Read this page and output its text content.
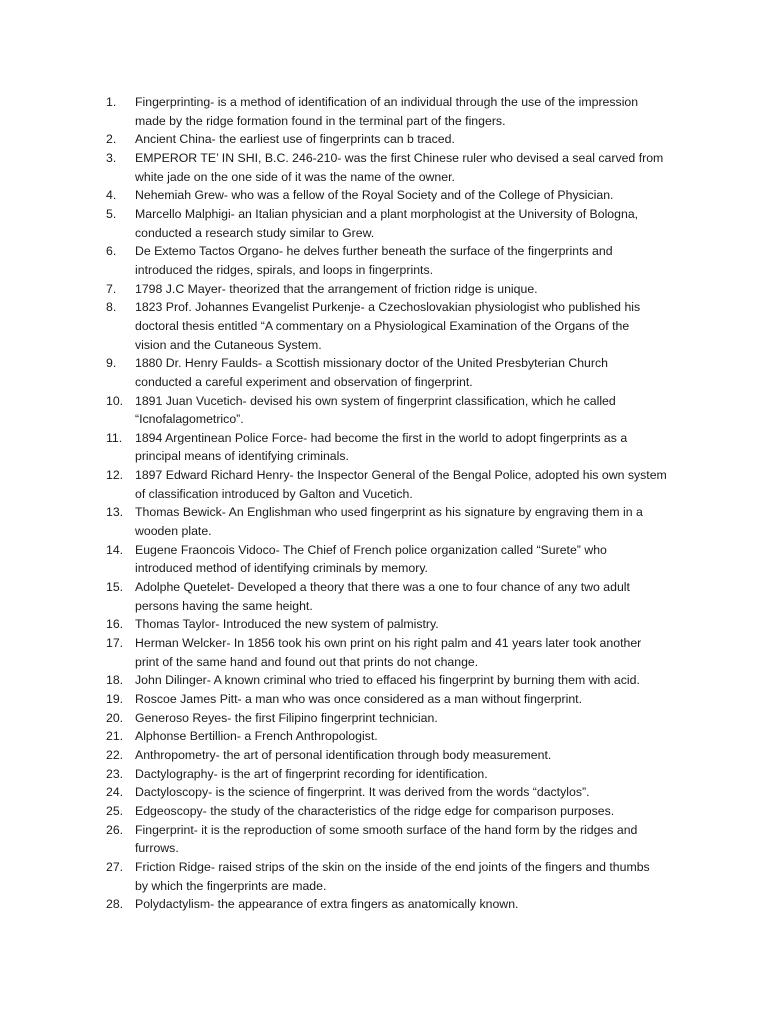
1.	Fingerprinting- is a method of identification of an individual through the use of the impression
made by the ridge formation found in the terminal part of the fingers.
2.	Ancient China- the earliest use of fingerprints can b traced.
3.	EMPEROR TE’ IN SHI, B.C. 246-210- was the first Chinese ruler who devised a seal carved from
white jade on the one side of it was the name of the owner.
4.	Nehemiah Grew- who was a fellow of the Royal Society and of the College of Physician.
5.	Marcello Malphigi- an Italian physician and a plant morphologist at the University of Bologna,
conducted a research study similar to Grew.
6.	De Extemo Tactos Organo- he delves further beneath the surface of the fingerprints and
introduced the ridges, spirals, and loops in fingerprints.
7.	1798 J.C Mayer- theorized that the arrangement of friction ridge is unique.
8.	1823 Prof. Johannes Evangelist Purkenje- a Czechoslovakian physiologist who published his
doctoral thesis entitled “A commentary on a Physiological Examination of the Organs of the
vision and the Cutaneous System.
9.	1880 Dr. Henry Faulds- a Scottish missionary doctor of the United Presbyterian Church
conducted a careful experiment and observation of fingerprint.
10. 1891 Juan Vucetich- devised his own system of fingerprint classification, which he called
“Icnofalagometrico”.
11.	1894 Argentinean Police Force- had become the first in the world to adopt fingerprints as a
principal means of identifying criminals.
12. 1897 Edward Richard Henry- the Inspector General of the Bengal Police, adopted his own system
of classification introduced by Galton and Vucetich.
13. Thomas Bewick- An Englishman who used fingerprint as his signature by engraving them in a
wooden plate.
14. Eugene Fraoncois Vidoco- The Chief of French police organization called “Surete” who
introduced method of identifying criminals by memory.
15. Adolphe Quetelet- Developed a theory that there was a one to four chance of any two adult
persons having the same height.
16. Thomas Taylor- Introduced the new system of palmistry.
17. Herman Welcker- In 1856 took his own print on his right palm and 41 years later took another
print of the same hand and found out that prints do not change.
18. John Dilinger- A known criminal who tried to effaced his fingerprint by burning them with acid.
19. Roscoe James Pitt- a man who was once considered as a man without fingerprint.
20. Generoso Reyes- the first Filipino fingerprint technician.
21. Alphonse Bertillion- a French Anthropologist.
22. Anthropometry- the art of personal identification through body measurement.
23. Dactylography- is the art of fingerprint recording for identification.
24. Dactyloscopy- is the science of fingerprint. It was derived from the words “dactylos”.
25. Edgeoscopy- the study of the characteristics of the ridge edge for comparison purposes.
26. Fingerprint- it is the reproduction of some smooth surface of the hand form by the ridges and
furrows.
27. Friction Ridge- raised strips of the skin on the inside of the end joints of the fingers and thumbs
by which the fingerprints are made.
28. Polydactylism- the appearance of extra fingers as anatomically known.
